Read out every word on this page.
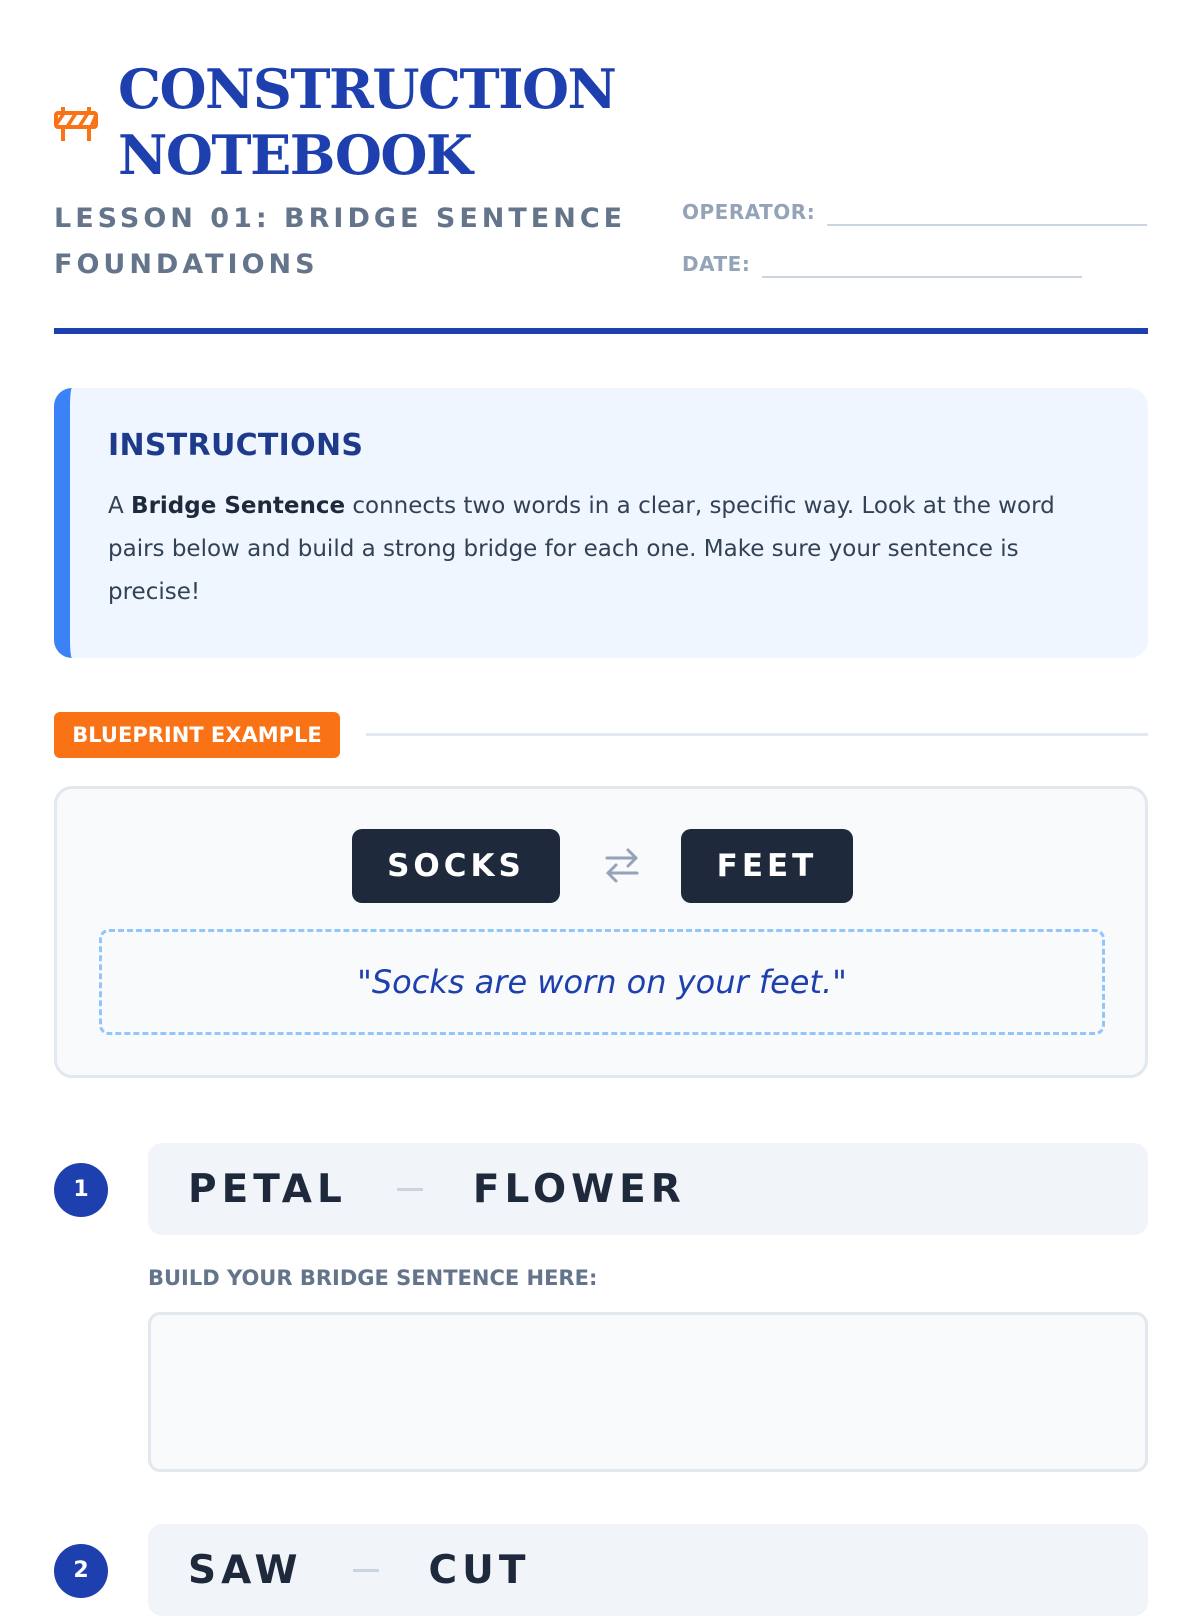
CONSTRUCTION
NOTEBOOK
LESSON 01: BRIDGE SENTENCE
FOUNDATIONS
OPERATOR:
DATE:
INSTRUCTIONS
A Bridge Sentence connects two words in a clear, specific way. Look at the word pairs below and build a strong bridge for each one. Make sure your sentence is precise!
BLUEPRINT EXAMPLE
SOCKS	FEET
"Socks are worn on your feet."
1	PETAL	FLOWER
BUILD YOUR BRIDGE SENTENCE HERE:
2	SAW	CUT
